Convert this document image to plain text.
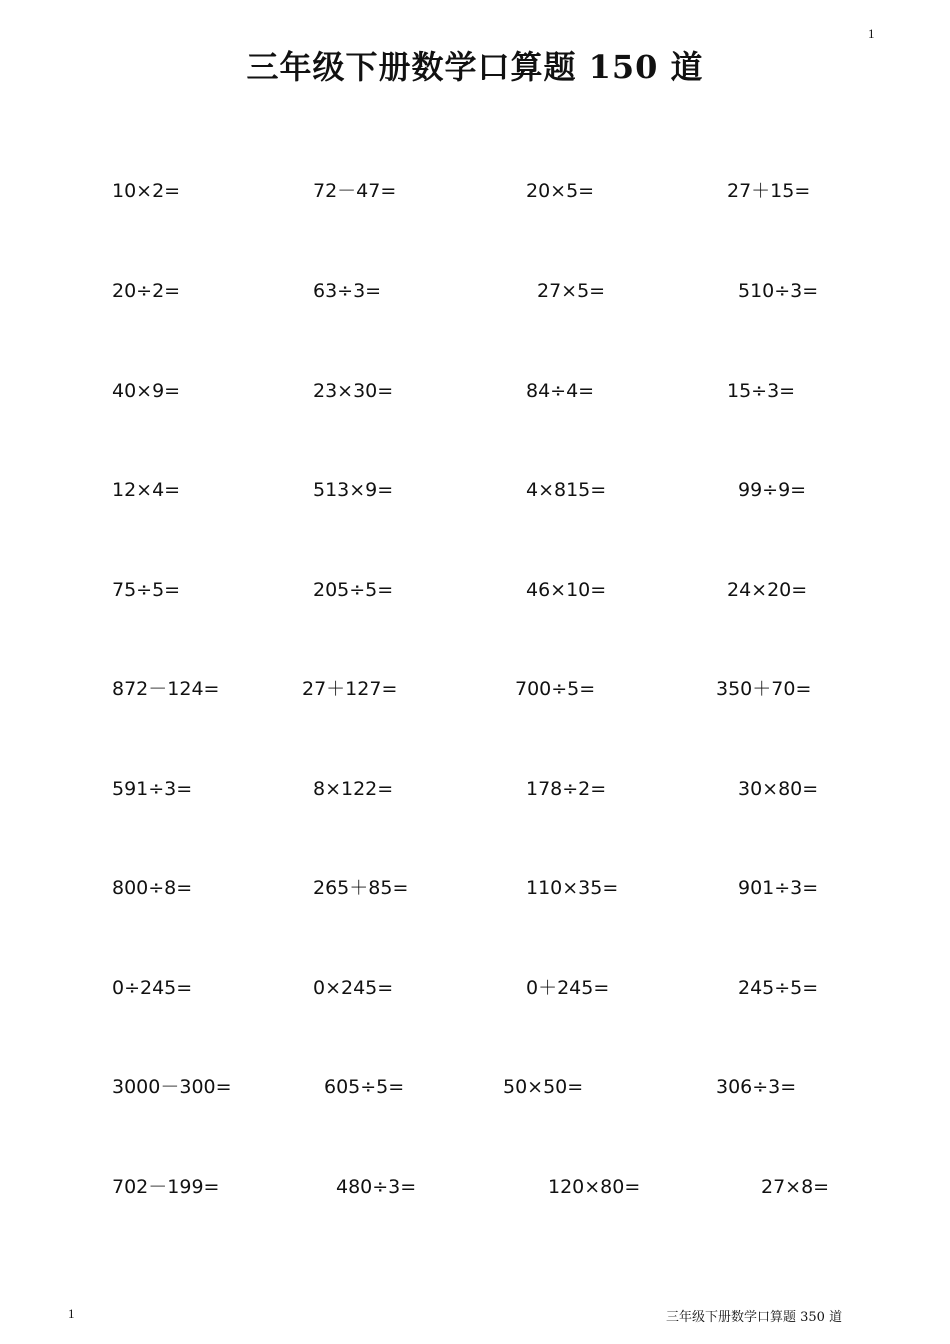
1
三年级下册数学口算题 150 道
10×2=	72－47=	20×5=	27＋15=
20÷2=	63÷3=	27×5=	510÷3=
40×9=	23×30=	84÷4=	15÷3=
12×4=	513×9=	4×815=	99÷9=
75÷5=	205÷5=	46×10=	24×20=
872－124=	27＋127=	700÷5=	350＋70=
591÷3=	8×122=	178÷2=	30×80=
800÷8=	265＋85=	110×35=	901÷3=
0÷245=	0×245=	0＋245=	245÷5=
3000－300=	605÷5=	50×50=	306÷3=
702－199=	480÷3=	120×80=	27×8=
1	三年级下册数学口算题 350 道
